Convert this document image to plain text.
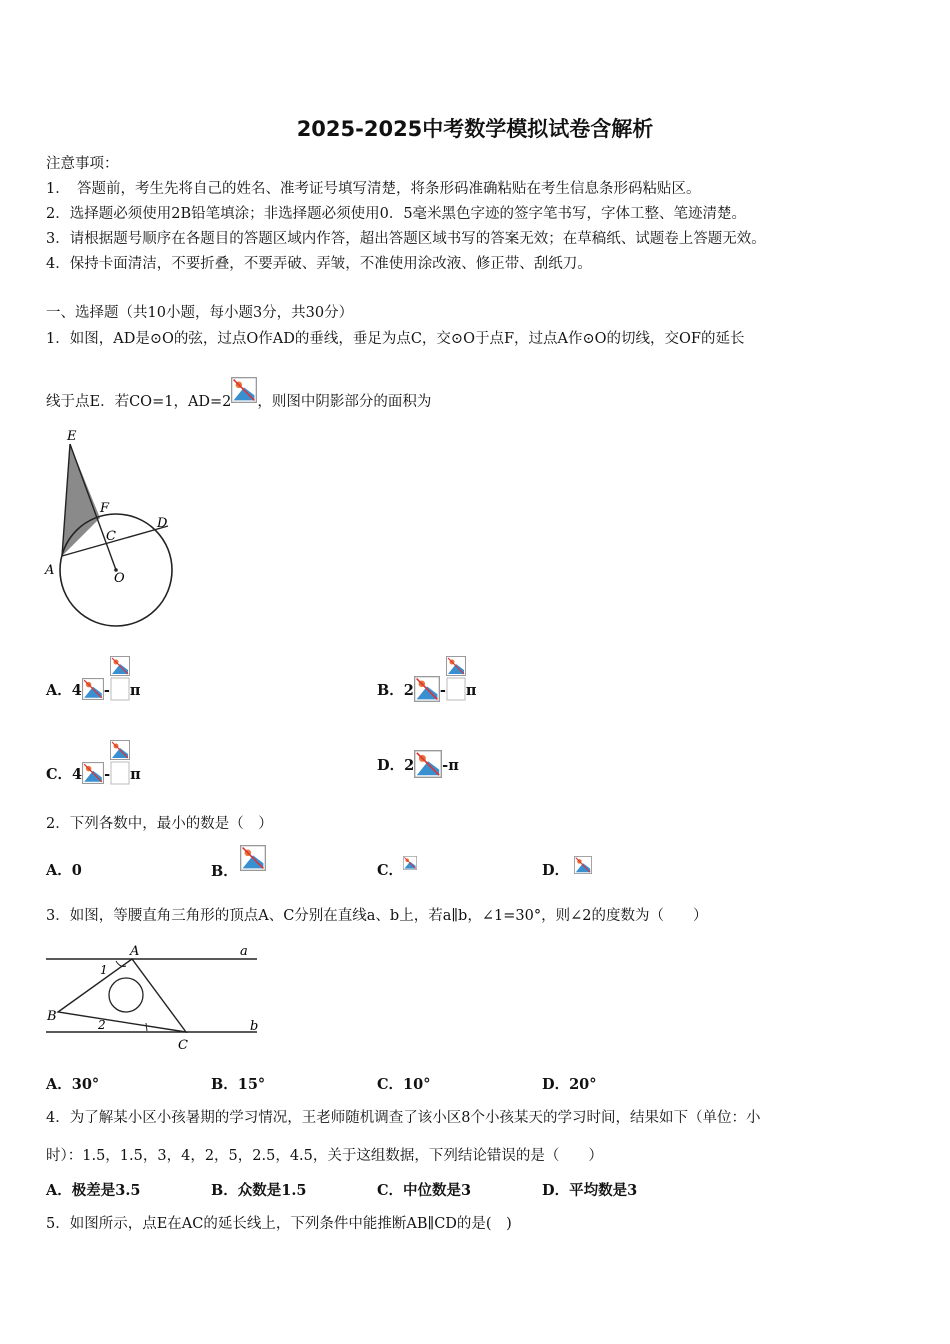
2025-2025中考数学模拟试卷含解析
注意事项：
1．　答题前，考生先将自己的姓名、准考证号填写清楚，将条形码准确粘贴在考生信息条形码粘贴区。
2．选择题必须使用2B铅笔填涂；非选择题必须使用0．5毫米黑色字迹的签字笔书写，字体工整、笔迹清楚。
3．请根据题号顺序在各题目的答题区域内作答，超出答题区域书写的答案无效；在草稿纸、试题卷上答题无效。
4．保持卡面清洁，不要折叠，不要弄破、弄皱，不准使用涂改液、修正带、刮纸刀。
一、选择题（共10小题，每小题3分，共30分）
1．如图，AD是⊙O的弦，过点O作AD的垂线，垂足为点C，交⊙O于点F，过点A作⊙O的切线，交OF的延长
线于点E．若CO=1，AD=2 ，则图中阴影部分的面积为
E
F
C
D
A
O
A．4 - π	B．2 - π
C．4 - π
D．2 -π
2．下列各数中，最小的数是（　）
A．0	B．	C．	D．
3．如图，等腰直角三角形的顶点A、C分别在直线a、b上，若a∥b，∠1=30°，则∠2的度数为（　　）
A	a
1
B
2
C
b
A．30°	B．15°	C．10°	D．20°
4．为了解某小区小孩暑期的学习情况，王老师随机调查了该小区8个小孩某天的学习时间，结果如下（单位：小
时）：1.5，1.5，3，4，2，5，2.5，4.5，关于这组数据，下列结论错误的是（　　）
A．极差是3.5	B．众数是1.5	C．中位数是3	D．平均数是3
5．如图所示，点E在AC的延长线上，下列条件中能推断AB∥CD的是(　)
